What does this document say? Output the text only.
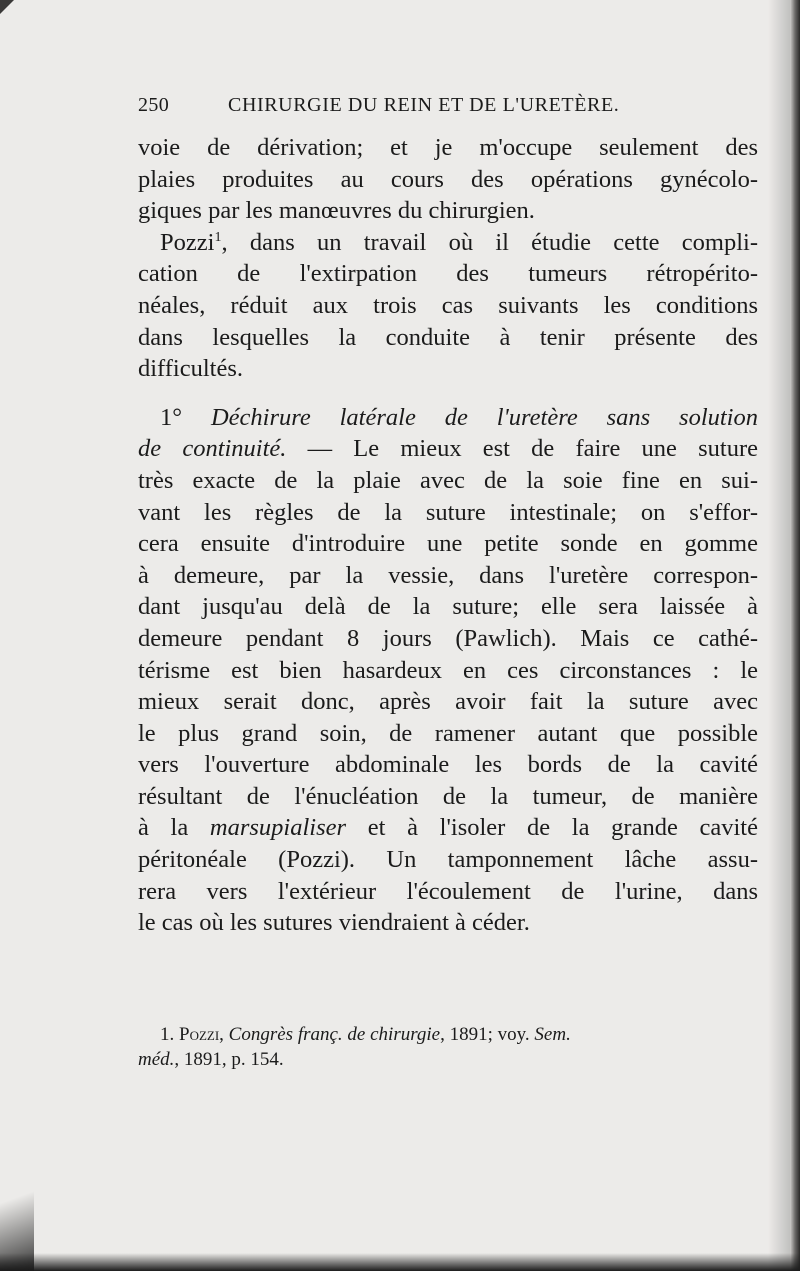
250	CHIRURGIE DU REIN ET DE L'URETÈRE.

voie de dérivation; et je m'occupe seulement des
plaies produites au cours des opérations gynécolo-
giques par les manœuvres du chirurgien.

Pozzi$^1$, dans un travail où il étudie cette compli-
cation de l'extirpation des tumeurs rétropérito-
néales, réduit aux trois cas suivants les conditions
dans lesquelles la conduite à tenir présente des
difficultés.

1° Déchirure latérale de l'uretère sans solution
de continuité. — Le mieux est de faire une suture
très exacte de la plaie avec de la soie fine en sui-
vant les règles de la suture intestinale; on s'effor-
cera ensuite d'introduire une petite sonde en gomme
à demeure, par la vessie, dans l'uretère correspon-
dant jusqu'au delà de la suture; elle sera laissée à
demeure pendant 8 jours (Pawlich). Mais ce cathé-
térisme est bien hasardeux en ces circonstances : le
mieux serait donc, après avoir fait la suture avec
le plus grand soin, de ramener autant que possible
vers l'ouverture abdominale les bords de la cavité
résultant de l'énucléation de la tumeur, de manière
à la marsupialiser et à l'isoler de la grande cavité
péritonéale (Pozzi). Un tamponnement lâche assu-
rera vers l'extérieur l'écoulement de l'urine, dans
le cas où les sutures viendraient à céder.

1. Pozzi, Congrès franç. de chirurgie, 1891; voy. Sem.
méd., 1891, p. 154.
